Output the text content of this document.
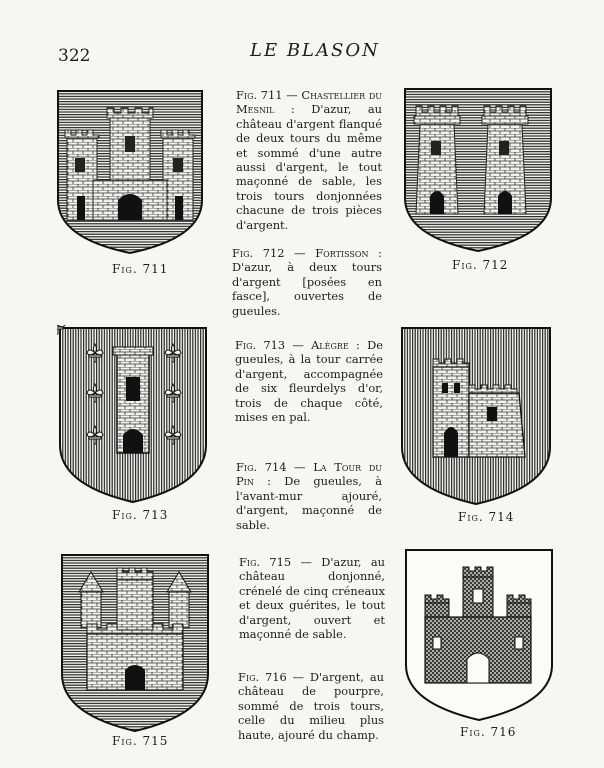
322	LE BLASON
Fig. 711	Fig. 712
Fig. 713	Fig. 714
Fig. 715
Fig. 716
Fig. 711 — Chastellier du Mesnil : D'azur, au château d'argent flanqué de deux tours du même et sommé d'une autre aussi d'argent, le tout maçonné de sable, les trois tours donjonnées chacune de trois pièces d'argent.
Fig. 712 — Fortisson : D'azur, à deux tours d'argent [posées en fasce], ouvertes de gueules.
Fig. 713 — Alègre : De gueules, à la tour carrée d'argent, accompagnée de six fleurdelys d'or, trois de chaque côté, mises en pal.
Fig. 714 — La Tour du Pin : De gueules, à l'avant-mur ajouré, d'argent, maçonné de sable.
Fig. 715 — D'azur, au château donjonné, crénelé de cinq créneaux et deux guérites, le tout d'argent, ouvert et maçonné de sable.
Fig. 716 — D'argent, au château de pourpre, sommé de trois tours, celle du milieu plus haute, ajouré du champ.
